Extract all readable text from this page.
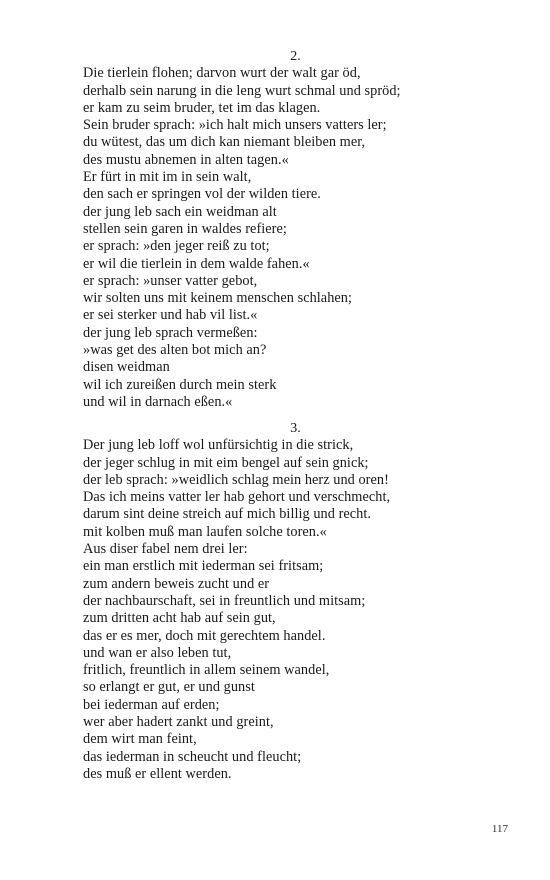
2.
Die tierlein flohen; darvon wurt der walt gar öd,
derhalb sein narung in die leng wurt schmal und spröd;
er kam zu seim bruder, tet im das klagen.
Sein bruder sprach: »ich halt mich unsers vatters ler;
du wütest, das um dich kan niemant bleiben mer,
des mustu abnemen in alten tagen.«
Er fürt in mit im in sein walt,
den sach er springen vol der wilden tiere.
der jung leb sach ein weidman alt
stellen sein garen in waldes refiere;
er sprach: »den jeger reiß zu tot;
er wil die tierlein in dem walde fahen.«
er sprach: »unser vatter gebot,
wir solten uns mit keinem menschen schlahen;
er sei sterker und hab vil list.«
der jung leb sprach vermeßen:
»was get des alten bot mich an?
disen weidman
wil ich zureißen durch mein sterk
und wil in darnach eßen.«
3.
Der jung leb loff wol unfürsichtig in die strick,
der jeger schlug in mit eim bengel auf sein gnick;
der leb sprach: »weidlich schlag mein herz und oren!
Das ich meins vatter ler hab gehort und verschmecht,
darum sint deine streich auf mich billig und recht.
mit kolben muß man laufen solche toren.«
Aus diser fabel nem drei ler:
ein man erstlich mit iederman sei fritsam;
zum andern beweis zucht und er
der nachbaurschaft, sei in freuntlich und mitsam;
zum dritten acht hab auf sein gut,
das er es mer, doch mit gerechtem handel.
und wan er also leben tut,
fritlich, freuntlich in allem seinem wandel,
so erlangt er gut, er und gunst
bei iederman auf erden;
wer aber hadert zankt und greint,
dem wirt man feint,
das iederman in scheucht und fleucht;
des muß er ellent werden.
117
